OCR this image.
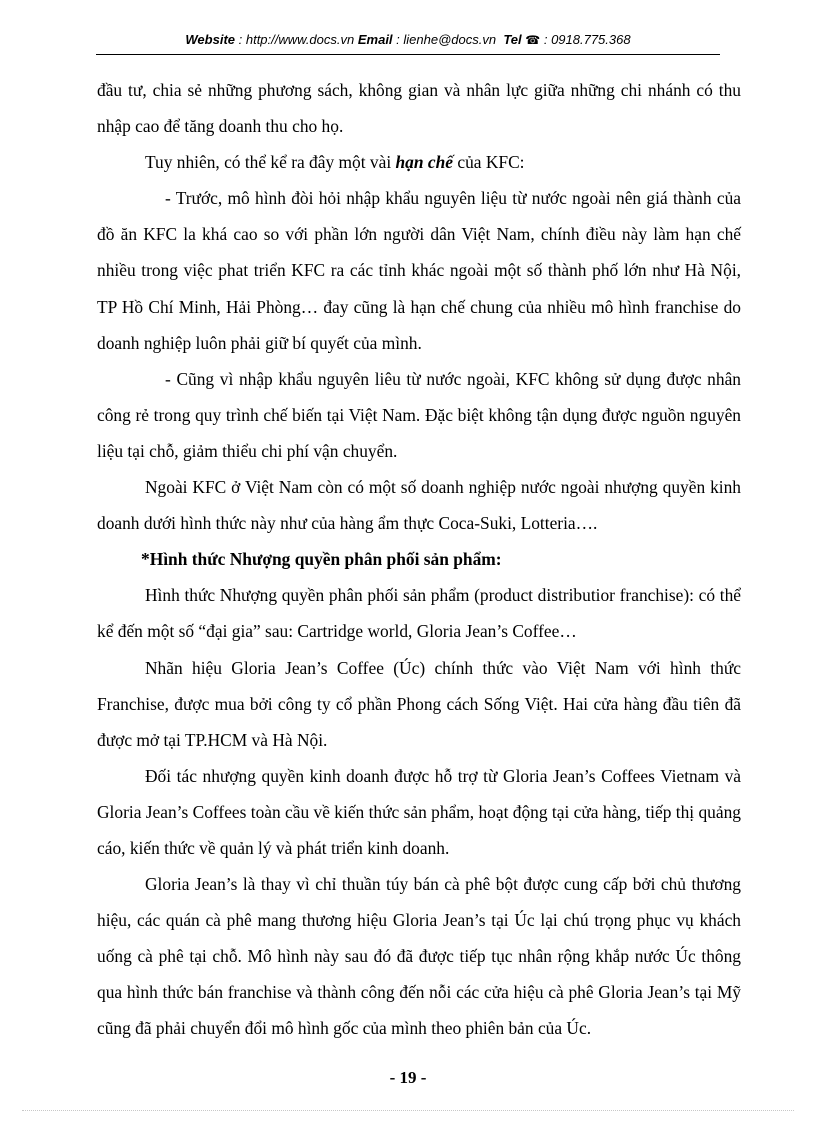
Website : http://www.docs.vn Email : lienhe@docs.vn Tel ☎ : 0918.775.368

đầu tư, chia sẻ những phương sách, không gian và nhân lực giữa những chi nhánh có thu nhập cao để tăng doanh thu cho họ.

Tuy nhiên, có thể kể ra đây một vài hạn chế của KFC:

- Trước, mô hình đòi hỏi nhập khẩu nguyên liệu từ nước ngoài nên giá thành của đồ ăn KFC la khá cao so với phần lớn người dân Việt Nam, chính điều này làm hạn chế nhiều trong việc phat triển KFC ra các tỉnh khác ngoài một số thành phố lớn như Hà Nội, TP Hồ Chí Minh, Hải Phòng… đay cũng là hạn chế chung của nhiều mô hình franchise do doanh nghiệp luôn phải giữ bí quyết của mình.

- Cũng vì nhập khẩu nguyên liêu từ nước ngoài, KFC không sử dụng được nhân công rẻ trong quy trình chế biến tại Việt Nam. Đặc biệt không tận dụng được nguồn nguyên liệu tại chỗ, giảm thiểu chi phí vận chuyển.

Ngoài KFC ở Việt Nam còn có một số doanh nghiệp nước ngoài nhượng quyền kinh doanh dưới hình thức này như của hàng ẩm thực Coca-Suki, Lotteria….

*Hình thức Nhượng quyền phân phối sản phẩm:

Hình thức Nhượng quyền phân phối sản phẩm (product distributior franchise): có thể kể đến một số “đại gia” sau: Cartridge world, Gloria Jean’s Coffee…

Nhãn hiệu Gloria Jean’s Coffee (Úc) chính thức vào Việt Nam với hình thức Franchise, được mua bởi công ty cổ phần Phong cách Sống Việt. Hai cửa hàng đầu tiên đã được mở tại TP.HCM và Hà Nội.

Đối tác nhượng quyền kinh doanh được hỗ trợ từ Gloria Jean’s Coffees Vietnam và Gloria Jean’s Coffees toàn cầu về kiến thức sản phẩm, hoạt động tại cửa hàng, tiếp thị quảng cáo, kiến thức về quản lý và phát triển kinh doanh.

Gloria Jean’s là thay vì chỉ thuần túy bán cà phê bột được cung cấp bởi chủ thương hiệu, các quán cà phê mang thương hiệu Gloria Jean’s tại Úc lại chú trọng phục vụ khách uống cà phê tại chỗ. Mô hình này sau đó đã được tiếp tục nhân rộng khắp nước Úc thông qua hình thức bán franchise và thành công đến nỗi các cửa hiệu cà phê Gloria Jean’s tại Mỹ cũng đã phải chuyển đổi mô hình gốc của mình theo phiên bản của Úc.

- 19 -
